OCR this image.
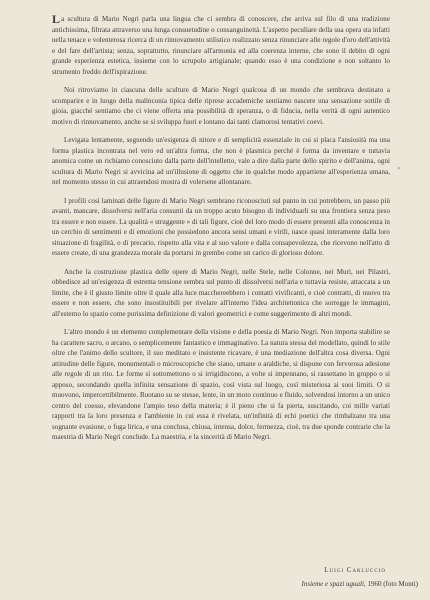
La scultura di Mario Negri parla una lingua che ci sembra di conoscere, che arriva sul filo di una tradizione antichissima, filtrata attraverso una lunga consuetudine o consanguineità. L'aspetto peculiare della sua opera sta infatti nella tenace e volenterosa ricerca di un rinnovamento stilistico realizzato senza rinunciare alle regole d'oro dell'attività e del fare dell'artista; senza, soprattutto, rinunciare all'armonia ed alla coerenza interne, che sono il debito di ogni grande esperienza estetica, insieme con lo scrupolo artigianale; quando esso è una condizione e non soltanto lo strumento freddo dell'ispirazione.

Noi ritroviamo in ciascuna delle sculture di Mario Negri qualcosa di un mondo che sembrava destinato a scomparire e in luogo della malinconia tipica delle riprese accademiche sentiamo nascere una sensazione sottile di gioia, giacché sentiamo che ci viene offerta una possibilità di speranza, o di fiducia, nella verità di ogni autentico motivo di rinnovamento, anche se si sviluppa fuori e lontano dai tanti clamorosi tentativi coevi.

Levigata lentamente, seguendo un'esigenza di nitore e di semplicità essenziale in cui si placa l'ansiosità ma una forma plastica incontrata nel vero ed un'altra forma, che non è plasmica perché è forma da inventare e tuttavia anomica come un richiamo conosciuto dalla parte dell'intelletto, vale a dire dalla parte dello spirito e dell'anima, ogni scultura di Mario Negri si avvicina ad un'illusione di oggetto che in qualche modo appartiene all'esperienza umana, nel momento stesso in cui attraendosi mostra di volersene allontanare.

I profili così laminati delle figure di Mario Negri sembrano riconosciuti sul punto in cui potrebbero, un passo più avanti, mancare, dissolversi nell'aria consunti da un troppo acuto bisogno di individuarli su una frontiera senza peso tra essere e non essere. La qualità « struggente » di tali figure, cioè del loro modo di essere presenti alla conoscenza in un cerchio di sentimenti e di emozioni che possiedono ancora sensi umani e virili, nasce quasi interamente dalla loro situazione di fragilità, o di precario, rispetto alla vita e al suo valore e dalla consapevolezza, che ricevono nell'atto di essere create, di una grandezza morale da portarsi in grembo come un carico di glorioso dolore.

Anche la costruzione plastica delle opere di Mario Negri, nelle Stele, nelle Colonne, nei Muri, nei Pilastri, obbedisce ad un'esigenza di estrema tensione sembra sul punto di dissolversi nell'aria e tuttavia resiste, attaccata a un limite, che è il giusto limite oltre il quale alla luce macchereebbero i contatti vivificanti, e cioè contratti, di nuovo tra essere e non essere, che sono insostituibili per rivelare all'interno l'idea architettonica che sorregge le immagini, all'esterno lo spazio come purissima definizione di valori geometrici e come suggerimento di altri mondi.

L'altro mondo è un elemento complementare della visione e della poesia di Mario Negri. Non importa stabilire se ha carattere sacro, o arcano, o semplicemente fantastico e immaginativo. La natura stessa del modellato, quindi lo stile oltre che l'animo dello scultore, il suo meditato e insistente ricavare, è una mediazione dell'altra cosa diversa. Ogni attitudine delle figure, monumentali o microscopiche che siano, umane o araldiche, si dispone con fervorosa adesione alle regole di un rito. Le forme si sottomettono o si irrigidiscono, a volte si impennano, si rassettano in gruppo o si apposo, secondando quella infinita sensazione di spazio, così vista sul luogo, così misteriosa ai suoi limiti. O si muovono, impercettibilmente. Ruotano su se stesse, lente, in un moto continuo e fluido, solvendosi intorno a un unico centro del coesso, elevandone l'ampio teso della materia; è il pieno che si fa pierta, suscitando, coi mille variati rapporti tra la loro presenza e l'ambiente in cui essa è rivelata, un'infinità di echi poetici che rimbalzano tra una sognante evasione, o fuga lirica, e una conclusa, chiusa, intensa, dolce, fermezza, cioè, tra due sponde contrarie che la maestria di Mario Negri conclude. La maestria, e la sincerità di Mario Negri.

⸗
Luigi Carluccio
Insieme e spazi uguali, 1960 (foto Monti)
